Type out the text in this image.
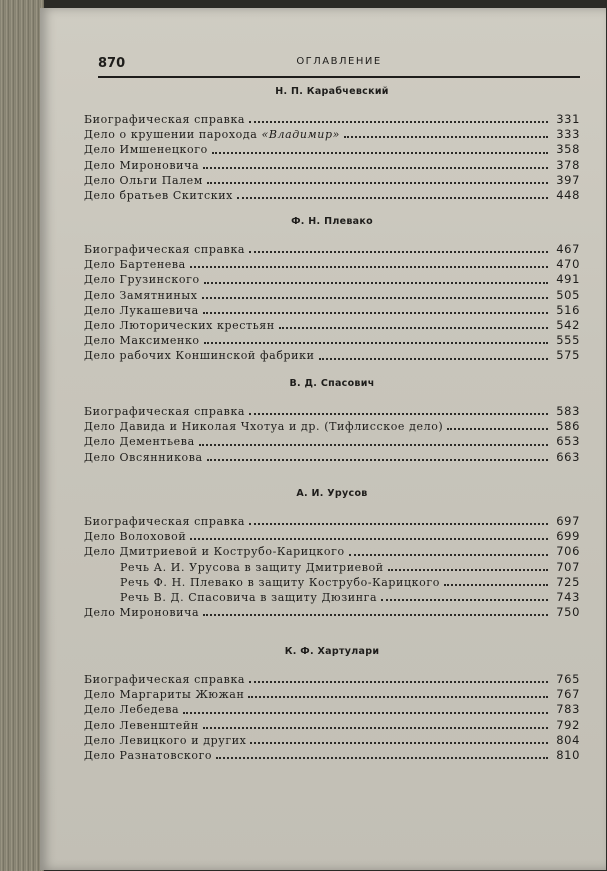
870	ОГЛАВЛЕНИЕ
Н. П. Карабчевский
Биографическая справка	331
Дело о крушении парохода «Владимир»	333
Дело Имшенецкого	358
Дело Мироновича	378
Дело Ольги Палем	397
Дело братьев Скитских	448
Ф. Н. Плевако
Биографическая справка	467
Дело Бартенева	470
Дело Грузинского	491
Дело Замятниных	505
Дело Лукашевича	516
Дело Люторических крестьян	542
Дело Максименко	555
Дело рабочих Коншинской фабрики	575
В. Д. Спасович
Биографическая справка	583
Дело Давида и Николая Чхотуа и др. (Тифлисское дело)	586
Дело Дементьева	653
Дело Овсянникова	663
А. И. Урусов
Биографическая справка	697
Дело Волоховой	699
Дело Дмитриевой и Кострубо-Карицкого	706
Речь А. И. Урусова в защиту Дмитриевой	707
Речь Ф. Н. Плевако в защиту Кострубо-Карицкого	725
Речь В. Д. Спасовича в защиту Дюзинга	743
Дело Мироновича	750
К. Ф. Хартулари
Биографическая справка	765
Дело Маргариты Жюжан	767
Дело Лебедева	783
Дело Левенштейн	792
Дело Левицкого и других	804
Дело Разнатовского	810
